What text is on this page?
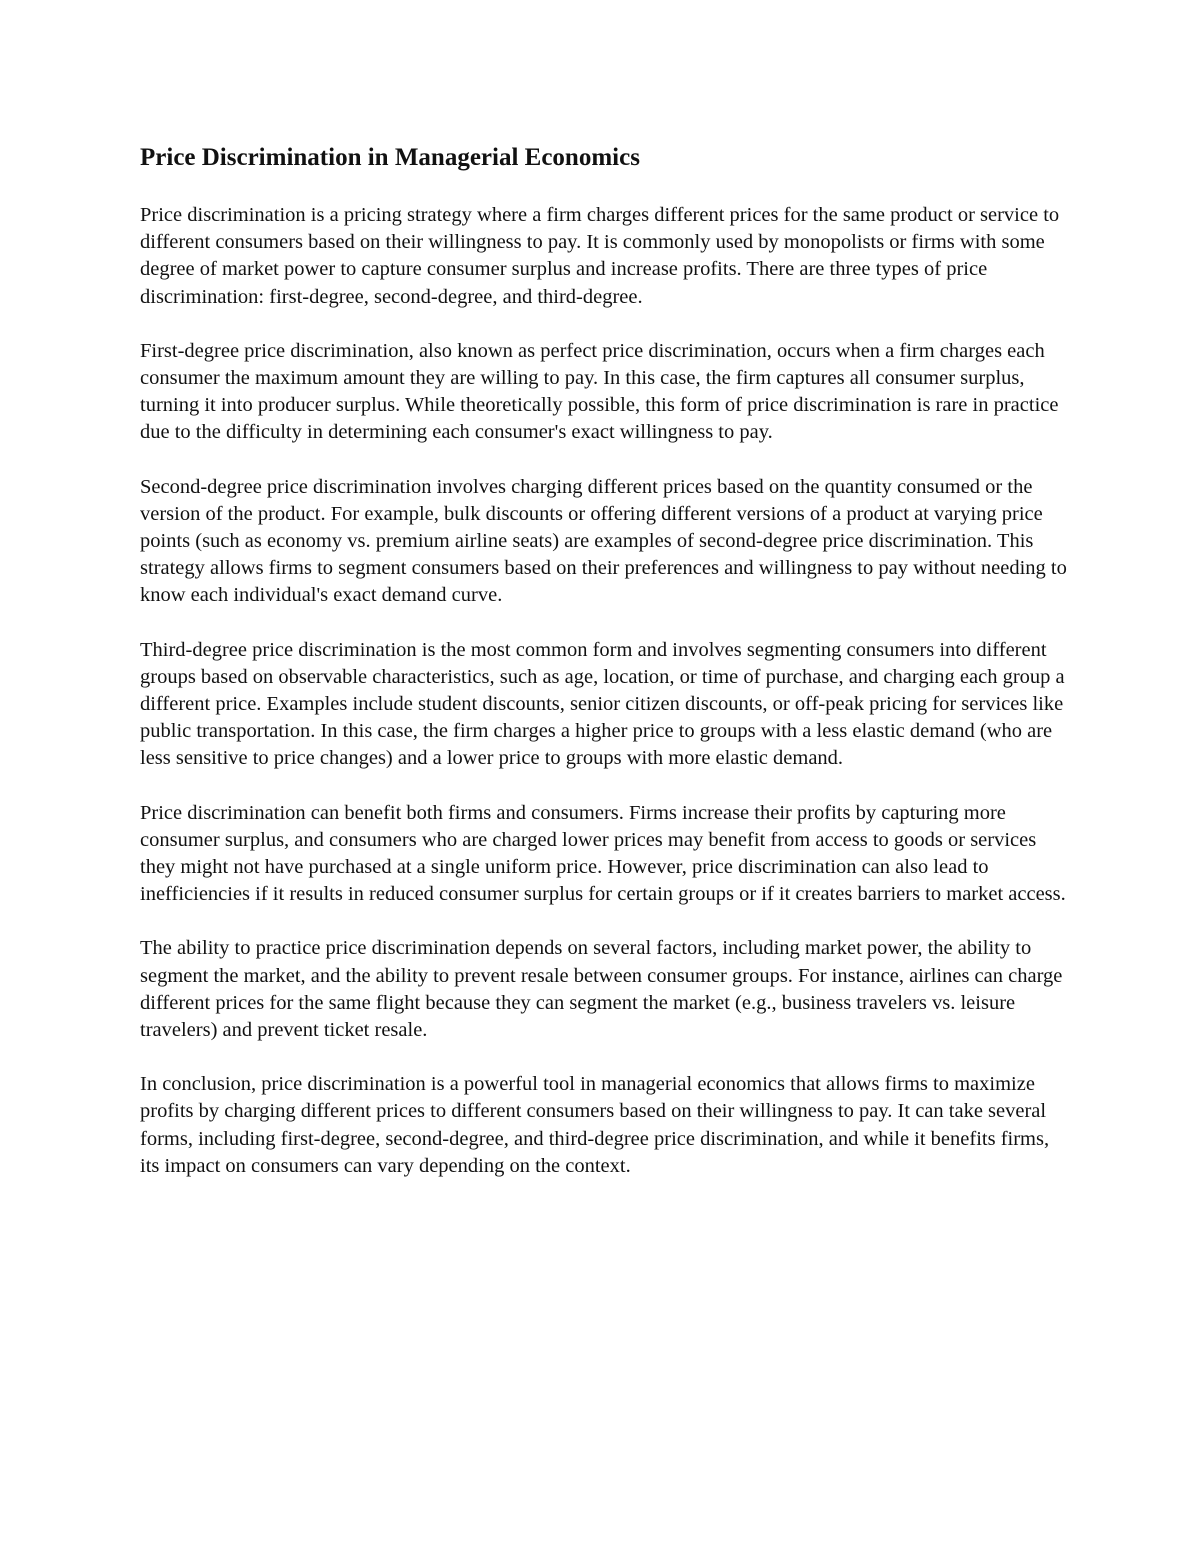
Price Discrimination in Managerial Economics

Price discrimination is a pricing strategy where a firm charges different prices for the same product or service to different consumers based on their willingness to pay. It is commonly used by monopolists or firms with some degree of market power to capture consumer surplus and increase profits. There are three types of price discrimination: first-degree, second-degree, and third-degree.

First-degree price discrimination, also known as perfect price discrimination, occurs when a firm charges each consumer the maximum amount they are willing to pay. In this case, the firm captures all consumer surplus, turning it into producer surplus. While theoretically possible, this form of price discrimination is rare in practice due to the difficulty in determining each consumer's exact willingness to pay.

Second-degree price discrimination involves charging different prices based on the quantity consumed or the version of the product. For example, bulk discounts or offering different versions of a product at varying price points (such as economy vs. premium airline seats) are examples of second-degree price discrimination. This strategy allows firms to segment consumers based on their preferences and willingness to pay without needing to know each individual's exact demand curve.

Third-degree price discrimination is the most common form and involves segmenting consumers into different groups based on observable characteristics, such as age, location, or time of purchase, and charging each group a different price. Examples include student discounts, senior citizen discounts, or off-peak pricing for services like public transportation. In this case, the firm charges a higher price to groups with a less elastic demand (who are less sensitive to price changes) and a lower price to groups with more elastic demand.

Price discrimination can benefit both firms and consumers. Firms increase their profits by capturing more consumer surplus, and consumers who are charged lower prices may benefit from access to goods or services they might not have purchased at a single uniform price. However, price discrimination can also lead to inefficiencies if it results in reduced consumer surplus for certain groups or if it creates barriers to market access.

The ability to practice price discrimination depends on several factors, including market power, the ability to segment the market, and the ability to prevent resale between consumer groups. For instance, airlines can charge different prices for the same flight because they can segment the market (e.g., business travelers vs. leisure travelers) and prevent ticket resale.

In conclusion, price discrimination is a powerful tool in managerial economics that allows firms to maximize profits by charging different prices to different consumers based on their willingness to pay. It can take several forms, including first-degree, second-degree, and third-degree price discrimination, and while it benefits firms, its impact on consumers can vary depending on the context.
